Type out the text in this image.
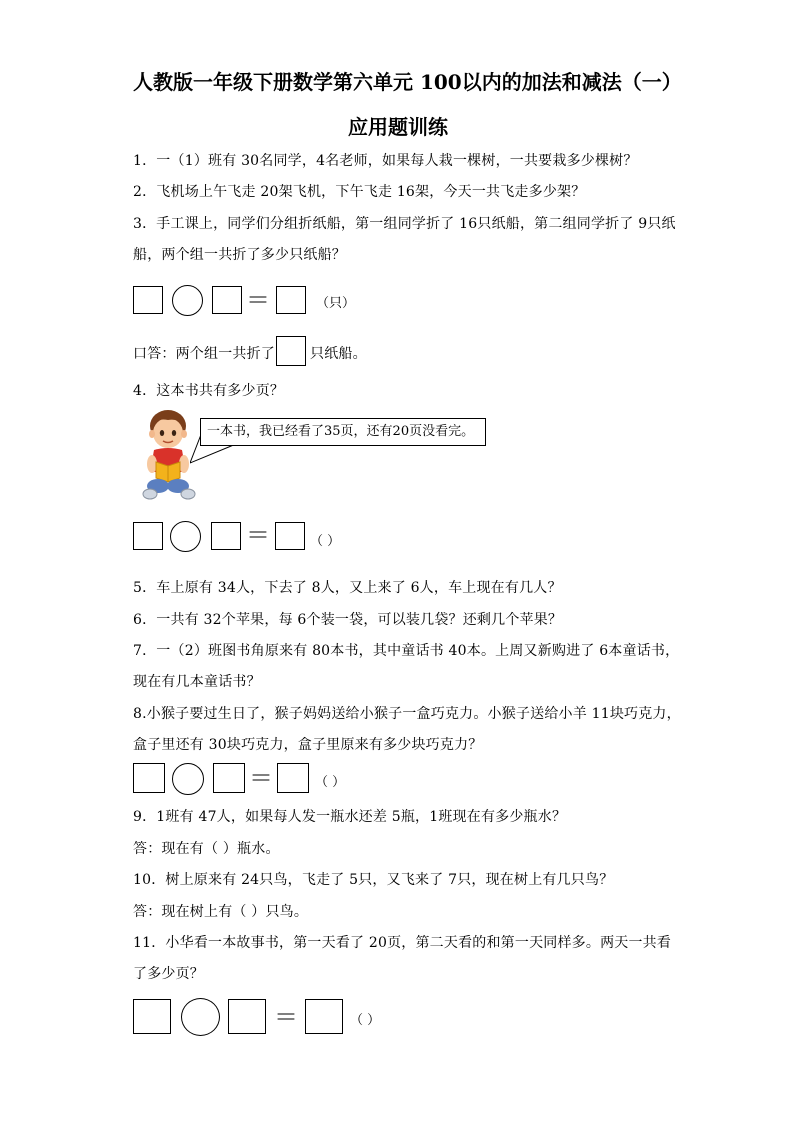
人教版一年级下册数学第六单元 100以内的加法和减法（一）
应用题训练
1．一（1）班有 30名同学，4名老师，如果每人栽一棵树，一共要栽多少棵树？
2．飞机场上午飞走 20架飞机，下午飞走 16架，今天一共飞走多少架？
3．手工课上，同学们分组折纸船，第一组同学折了 16只纸船，第二组同学折了 9只纸
船，两个组一共折了多少只纸船？
＝	（只）
口答：两个组一共折了	只纸船。
4．这本书共有多少页？
一本书，我已经看了35页，还有20页没看完。
＝	（ ）
5．车上原有 34人，下去了 8人，又上来了 6人，车上现在有几人？
6．一共有 32个苹果，每 6个装一袋，可以装几袋？还剩几个苹果？
7．一（2）班图书角原来有 80本书，其中童话书 40本。上周又新购进了 6本童话书，
现在有几本童话书？
8.小猴子要过生日了，猴子妈妈送给小猴子一盒巧克力。小猴子送给小羊 11块巧克力，
盒子里还有 30块巧克力，盒子里原来有多少块巧克力？
＝	（ ）
9．1班有 47人，如果每人发一瓶水还差 5瓶，1班现在有多少瓶水？
答：现在有（ ）瓶水。
10．树上原来有 24只鸟，飞走了 5只，又飞来了 7只，现在树上有几只鸟？
答：现在树上有（ ）只鸟。
11．小华看一本故事书，第一天看了 20页，第二天看的和第一天同样多。两天一共看
了多少页？
＝	（ ）
